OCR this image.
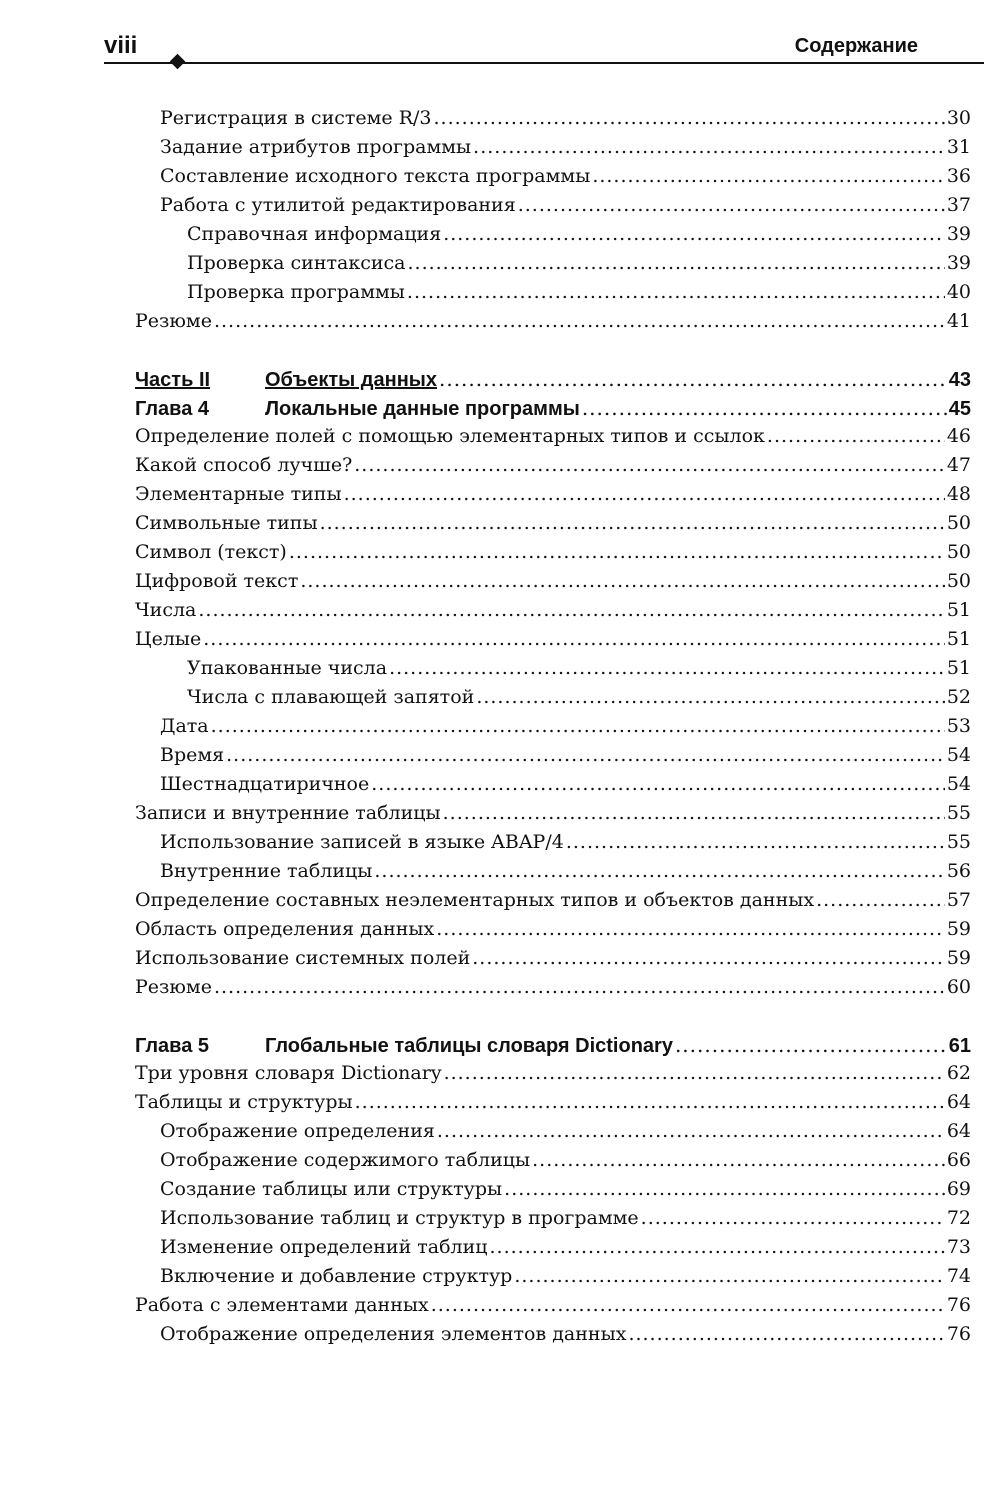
viii	Содержание
Регистрация в системе R/3 .....	30
Задание атрибутов программы .....	31
Составление исходного текста программы .....	36
Работа с утилитой редактирования .....	37
Справочная информация .....	39
Проверка синтаксиса .....	39
Проверка программы .....	40
Резюме .....	41
Часть II	Объекты данных .....	43
Глава 4	Локальные данные программы .....	45
Определение полей с помощью элементарных типов и ссылок .....	46
Какой способ лучше? .....	47
Элементарные типы .....	48
Символьные типы .....	50
Символ (текст) .....	50
Цифровой текст .....	50
Числа .....	51
Целые .....	51
Упакованные числа .....	51
Числа с плавающей запятой .....	52
Дата .....	53
Время .....	54
Шестнадцатиричное .....	54
Записи и внутренние таблицы .....	55
Использование записей в языке ABAP/4 .....	55
Внутренние таблицы .....	56
Определение составных неэлементарных типов и объектов данных .....	57
Область определения данных .....	59
Использование системных полей .....	59
Резюме .....	60
Глава 5	Глобальные таблицы словаря Dictionary .....	61
Три уровня словаря Dictionary .....	62
Таблицы и структуры .....	64
Отображение определения .....	64
Отображение содержимого таблицы .....	66
Создание таблицы или структуры .....	69
Использование таблиц и структур в программе .....	72
Изменение определений таблиц .....	73
Включение и добавление структур .....	74
Работа с элементами данных .....	76
Отображение определения элементов данных .....	76
